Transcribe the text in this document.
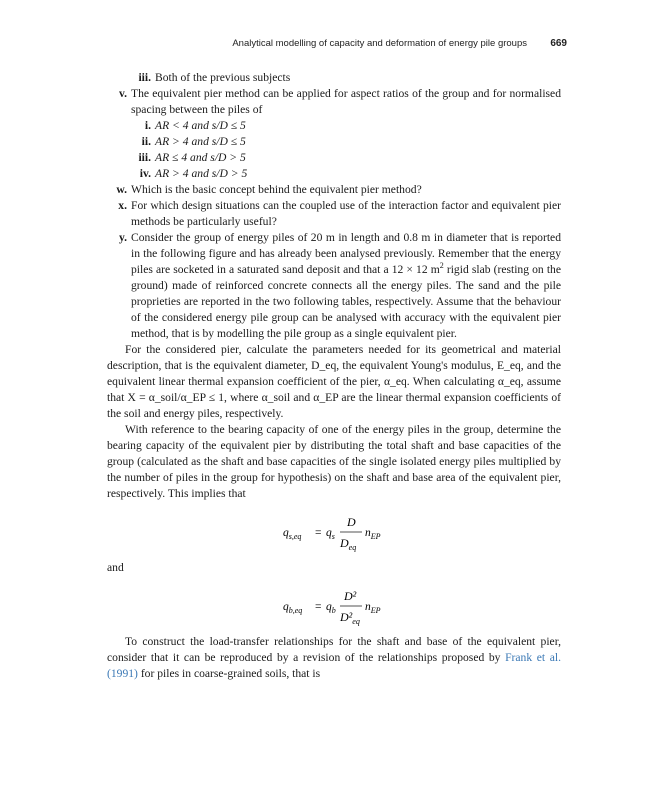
Analytical modelling of capacity and deformation of energy pile groups 669
iii. Both of the previous subjects
v. The equivalent pier method can be applied for aspect ratios of the group and for normalised spacing between the piles of
i. AR < 4 and s/D ≤ 5
ii. AR > 4 and s/D ≤ 5
iii. AR ≤ 4 and s/D > 5
iv. AR > 4 and s/D > 5
w. Which is the basic concept behind the equivalent pier method?
x. For which design situations can the coupled use of the interaction factor and equivalent pier methods be particularly useful?
y. Consider the group of energy piles of 20 m in length and 0.8 m in diameter that is reported in the following figure and has already been analysed previously. Remember that the energy piles are socketed in a saturated sand deposit and that a 12 × 12 $m^2$ rigid slab (resting on the ground) made of reinforced concrete connects all the energy piles. The sand and the pile proprieties are reported in the two following tables, respectively. Assume that the behaviour of the considered energy pile group can be analysed with accuracy with the equivalent pier method, that is by modelling the pile group as a single equivalent pier.
For the considered pier, calculate the parameters needed for its geometrical and material description, that is the equivalent diameter, D_eq, the equivalent Young's modulus, E_eq, and the equivalent linear thermal expansion coefficient of the pier, α_eq. When calculating α_eq, assume that X = α_soil/α_EP ≤ 1, where α_soil and α_EP are the linear thermal expansion coefficients of the soil and energy piles, respectively.
With reference to the bearing capacity of one of the energy piles in the group, determine the bearing capacity of the equivalent pier by distributing the total shaft and base capacities of the group (calculated as the shaft and base capacities of the single isolated energy piles multiplied by the number of piles in the group for hypothesis) on the shaft and base area of the equivalent pier, respectively. This implies that
$q_{s,eq} = q_s$
D
$D_{eq}$
$n_{EP}$
and
$q_{b,eq} = q_b$
D²
$D^2_{eq}$
$n_{EP}$
To construct the load-transfer relationships for the shaft and base of the equivalent pier, consider that it can be reproduced by a revision of the relationships proposed by Frank et al. (1991) for piles in coarse-grained soils, that is
